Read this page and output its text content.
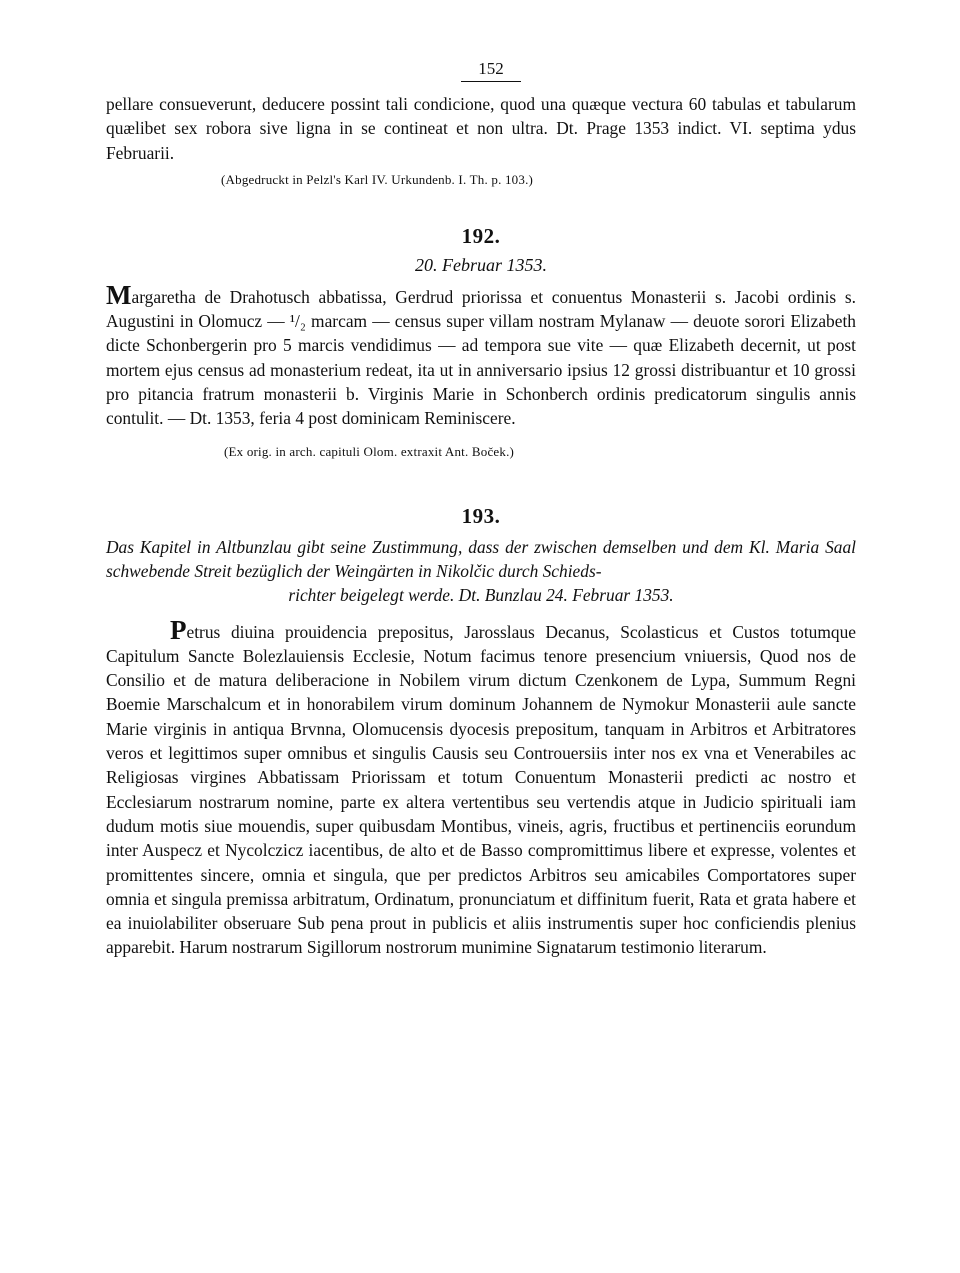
152

pellare consueverunt, deducere possint tali condicione, quod una quæque vectura 60 tabulas et tabularum quælibet sex robora sive ligna in se contineat et non ultra. Dt. Prage 1353 indict. VI. septima ydus Februarii.

(Abgedruckt in Pelzl's Karl IV. Urkundenb. I. Th. p. 103.)

192.
20. Februar 1353.

Margaretha de Drahotusch abbatissa, Gerdrud priorissa et conuentus Monasterii s. Jacobi ordinis s. Augustini in Olomucz — ¹/₂ marcam — census super villam nostram Mylanaw — deuote sorori Elizabeth dicte Schonbergerin pro 5 marcis vendidimus — ad tempora sue vite — quæ Elizabeth decernit, ut post mortem ejus census ad monasterium redeat, ita ut in anniversario ipsius 12 grossi distribuantur et 10 grossi pro pitancia fratrum monasterii b. Virginis Marie in Schonberch ordinis predicatorum singulis annis contulit. — Dt. 1353, feria 4 post dominicam Reminiscere.

(Ex orig. in arch. capituli Olom. extraxit Ant. Boček.)

193.

Das Kapitel in Altbunzlau gibt seine Zustimmung, dass der zwischen demselben und dem Kl. Maria Saal schwebende Streit bezüglich der Weingärten in Nikolčic durch Schieds-
richter beigelegt werde. Dt. Bunzlau 24. Februar 1353.

Petrus diuina prouidencia prepositus, Jarosslaus Decanus, Scolasticus et Custos totumque Capitulum Sancte Bolezlauiensis Ecclesie, Notum facimus tenore presencium vniuersis, Quod nos de Consilio et de matura deliberacione in Nobilem virum dictum Czenkonem de Lypa, Summum Regni Boemie Marschalcum et in honorabilem virum dominum Johannem de Nymokur Monasterii aule sancte Marie virginis in antiqua Brvnna, Olomucensis dyocesis prepositum, tanquam in Arbitros et Arbitratores veros et legittimos super omnibus et singulis Causis seu Controuersiis inter nos ex vna et Venerabiles ac Religiosas virgines Abbatissam Priorissam et totum Conuentum Monasterii predicti ac nostro et Ecclesiarum nostrarum nomine, parte ex altera vertentibus seu vertendis atque in Judicio spirituali iam dudum motis siue mouendis, super quibusdam Montibus, vineis, agris, fructibus et pertinenciis eorundum inter Auspecz et Nycolczicz iacentibus, de alto et de Basso compromittimus libere et expresse, volentes et promittentes sincere, omnia et singula, que per predictos Arbitros seu amicabiles Comportatores super omnia et singula premissa arbitratum, Ordinatum, pronunciatum et diffinitum fuerit, Rata et grata habere et ea inuiolabiliter obseruare Sub pena prout in publicis et aliis instrumentis super hoc conficiendis plenius apparebit. Harum nostrarum Sigillorum nostrorum munimine Signatarum testimonio literarum.
